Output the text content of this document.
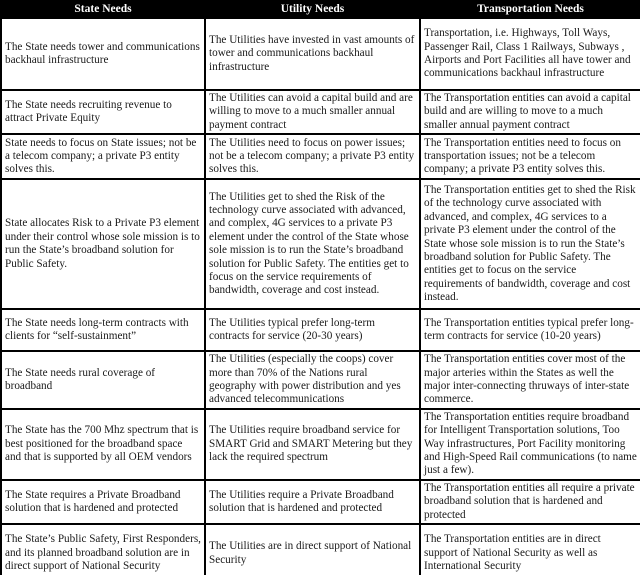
State Needs	Utility Needs	Transportation Needs
The State needs tower and communications backhaul infrastructure	The Utilities have invested in vast amounts of tower and communications backhaul infrastructure	Transportation, i.e. Highways, Toll Ways, Passenger Rail, Class 1 Railways, Subways , Airports and Port Facilities all have tower and communications backhaul infrastructure
The State needs recruiting revenue to attract Private Equity	The Utilities can avoid a capital build and are willing to move to a much smaller annual payment contract	The Transportation entities can avoid a capital build and are willing to move to a much smaller annual payment contract
State needs to focus on State issues; not be a telecom company; a private P3 entity solves this.	The Utilities need to focus on power issues; not be a telecom company; a private P3 entity solves this.	The Transportation entities need to focus on transportation issues; not be a telecom company; a private P3 entity solves this.
State allocates Risk to a Private P3 element under their control whose sole mission is to run the State’s broadband solution for Public Safety.	The Utilities get to shed the Risk of the technology curve associated with advanced, and complex, 4G services to a private P3 element under the control of the State whose sole mission is to run the State’s broadband solution for Public Safety. The entities get to focus on the service requirements of bandwidth, coverage and cost instead.	The Transportation entities get to shed the Risk of the technology curve associated with advanced, and complex, 4G services to a private P3 element under the control of the State whose sole mission is to run the State’s broadband solution for Public Safety. The entities get to focus on the service requirements of bandwidth, coverage and cost instead.
The State needs long-term contracts with clients for “self-sustainment”	The Utilities typical prefer long-term contracts for service (20-30 years)	The Transportation entities typical prefer long-term contracts for service (10-20 years)
The State needs rural coverage of broadband	The Utilities (especially the coops) cover more than 70% of the Nations rural geography with power distribution and yes advanced telecommunications	The Transportation entities cover most of the major arteries within the States as well the major inter-connecting thruways of inter-state commerce.
The State has the 700 Mhz spectrum that is best positioned for the broadband space and that is supported by all OEM vendors	The Utilities require broadband service for SMART Grid and SMART Metering but they lack the required spectrum	The Transportation entities require broadband for Intelligent Transportation solutions, Too Way infrastructures, Port Facility monitoring and High-Speed Rail communications (to name just a few).
The State requires a Private Broadband solution that is hardened and protected	The Utilities require a Private Broadband solution that is hardened and protected	The Transportation entities all require a private broadband solution that is hardened and protected
The State’s Public Safety, First Responders, and its planned broadband solution are in direct support of National Security	The Utilities are in direct support of National Security	The Transportation entities are in direct support of National Security as well as International Security
